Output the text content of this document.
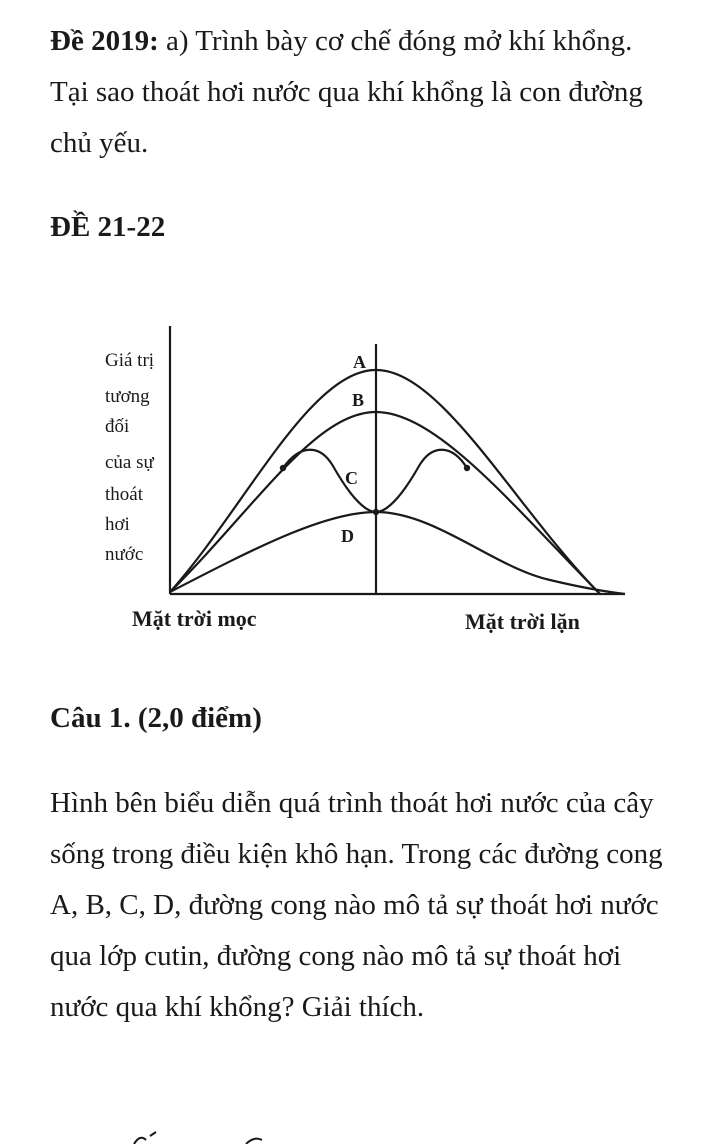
Đề 2019: a) Trình bày cơ chế đóng mở khí khổng. Tại sao thoát hơi nước qua khí khổng là con đường chủ yếu.

ĐỀ 21-22

A
B
C
D
Giá trị
tương
đối
của sự
thoát
hơi
nước
Mặt trời mọc	Mặt trời lặn

Câu 1. (2,0 điểm)

Hình bên biểu diễn quá trình thoát hơi nước của cây sống trong điều kiện khô hạn. Trong các đường cong A, B, C, D, đường cong nào mô tả sự thoát hơi nước qua lớp cutin, đường cong nào mô tả sự thoát hơi nước qua khí khổng? Giải thích.
